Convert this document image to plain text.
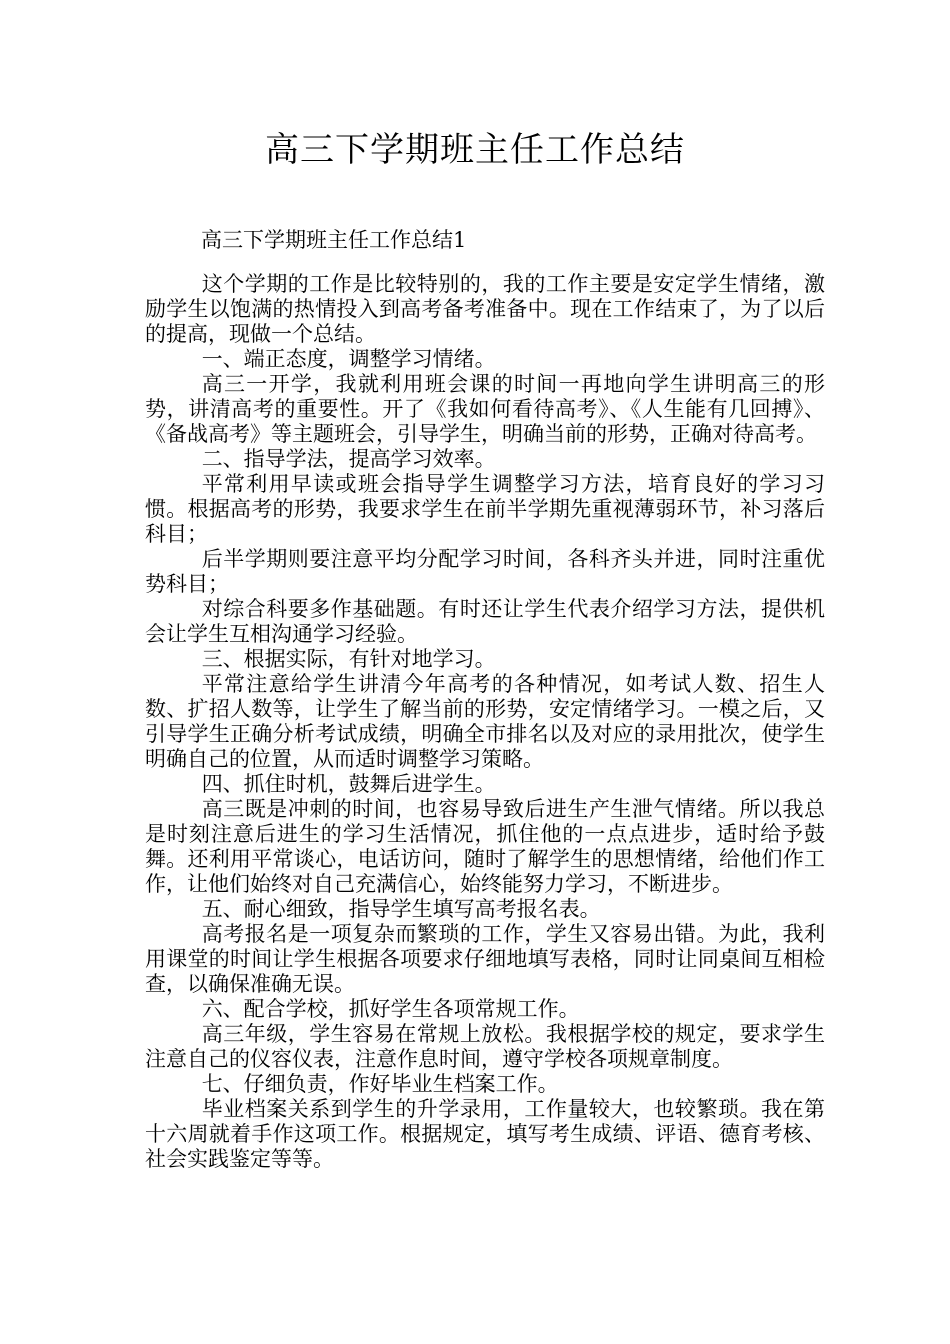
高三下学期班主任工作总结
高三下学期班主任工作总结1

这个学期的工作是比较特别的，我的工作主要是安定学生情绪，激励学生以饱满的热情投入到高考备考准备中。现在工作结束了，为了以后的提高，现做一个总结。

一、端正态度，调整学习情绪。

高三一开学，我就利用班会课的时间一再地向学生讲明高三的形势，讲清高考的重要性。开了《我如何看待高考》、《人生能有几回搏》、《备战高考》等主题班会，引导学生，明确当前的形势，正确对待高考。

二、指导学法，提高学习效率。

平常利用早读或班会指导学生调整学习方法，培育良好的学习习惯。根据高考的形势，我要求学生在前半学期先重视薄弱环节，补习落后科目；

后半学期则要注意平均分配学习时间，各科齐头并进，同时注重优势科目；

对综合科要多作基础题。有时还让学生代表介绍学习方法，提供机会让学生互相沟通学习经验。

三、根据实际，有针对地学习。

平常注意给学生讲清今年高考的各种情况，如考试人数、招生人数、扩招人数等，让学生了解当前的形势，安定情绪学习。一模之后，又引导学生正确分析考试成绩，明确全市排名以及对应的录用批次，使学生明确自己的位置，从而适时调整学习策略。

四、抓住时机，鼓舞后进学生。

高三既是冲刺的时间，也容易导致后进生产生泄气情绪。所以我总是时刻注意后进生的学习生活情况，抓住他的一点点进步，适时给予鼓舞。还利用平常谈心，电话访问，随时了解学生的思想情绪，给他们作工作，让他们始终对自己充满信心，始终能努力学习，不断进步。

五、耐心细致，指导学生填写高考报名表。

高考报名是一项复杂而繁琐的工作，学生又容易出错。为此，我利用课堂的时间让学生根据各项要求仔细地填写表格，同时让同桌间互相检查，以确保准确无误。

六、配合学校，抓好学生各项常规工作。

高三年级，学生容易在常规上放松。我根据学校的规定，要求学生注意自己的仪容仪表，注意作息时间，遵守学校各项规章制度。

七、仔细负责，作好毕业生档案工作。

毕业档案关系到学生的升学录用，工作量较大，也较繁琐。我在第十六周就着手作这项工作。根据规定，填写考生成绩、评语、德育考核、社会实践鉴定等等。
